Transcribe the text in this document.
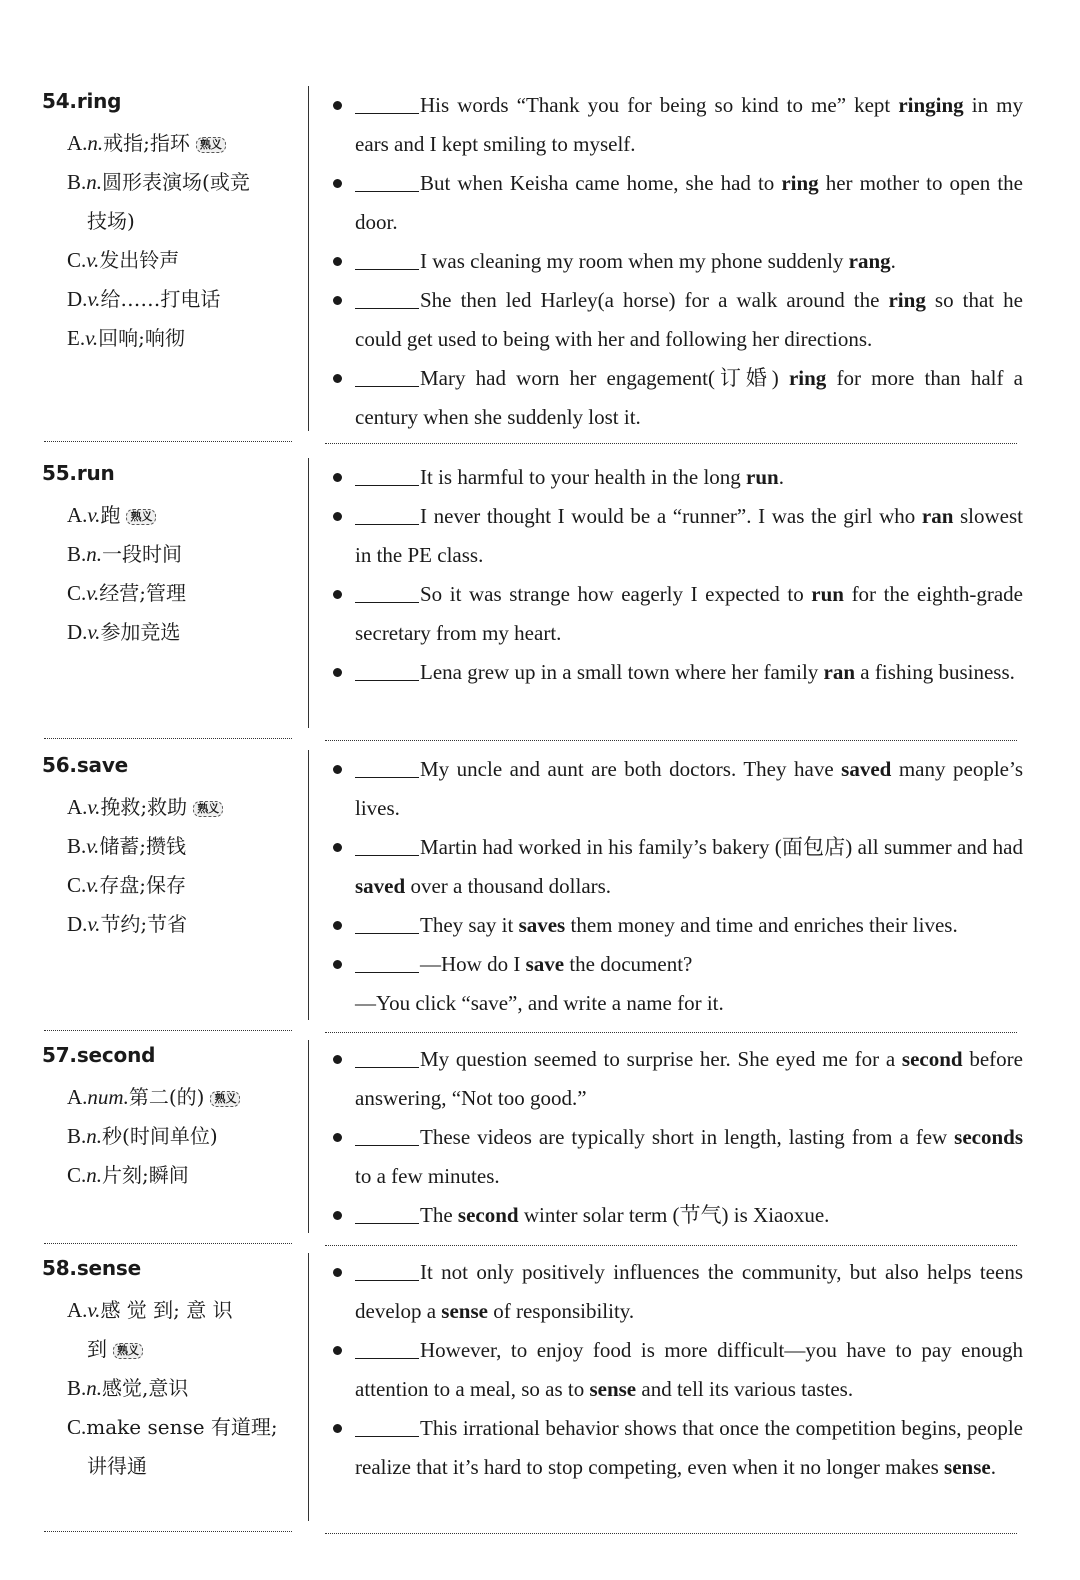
54.ring
A.n.戒指;指环 熟义
B.n.圆形表演场(或竞
技场)
C.v.发出铃声
D.v.给……打电话
E.v.回响;响彻
His words “Thank you for being so kind to me” kept ringing in my ears and I kept smiling to myself.
But when Keisha came home, she had to ring her mother to open the door.
I was cleaning my room when my phone suddenly rang.
She then led Harley(a horse) for a walk around the ring so that he could get used to being with her and following her directions.
Mary had worn her engagement(订婚) ring for more than half a century when she suddenly lost it.
55.run
A.v.跑 熟义
B.n.一段时间
C.v.经营;管理
D.v.参加竞选
It is harmful to your health in the long run.
I never thought I would be a “runner”. I was the girl who ran slowest in the PE class.
So it was strange how eagerly I expected to run for the eighth-grade secretary from my heart.
Lena grew up in a small town where her family ran a fishing business.
56.save
A.v.挽救;救助 熟义
B.v.储蓄;攒钱
C.v.存盘;保存
D.v.节约;节省
My uncle and aunt are both doctors. They have saved many people’s lives.
Martin had worked in his family’s bakery (面包店) all summer and had saved over a thousand dollars.
They say it saves them money and time and enriches their lives.
—How do I save the document?
—You click “save”, and write a name for it.
57.second
A.num.第二(的) 熟义
B.n.秒(时间单位)
C.n.片刻;瞬间
My question seemed to surprise her. She eyed me for a second before answering, “Not too good.”
These videos are typically short in length, lasting from a few seconds to a few minutes.
The second winter solar term (节气) is Xiaoxue.
58.sense
A.v.感 觉 到; 意 识
到 熟义
B.n.感觉,意识
C.make sense 有道理;
讲得通
It not only positively influences the community, but also helps teens develop a sense of responsibility.
However, to enjoy food is more difficult—you have to pay enough attention to a meal, so as to sense and tell its various tastes.
This irrational behavior shows that once the competition begins, people realize that it’s hard to stop competing, even when it no longer makes sense.
